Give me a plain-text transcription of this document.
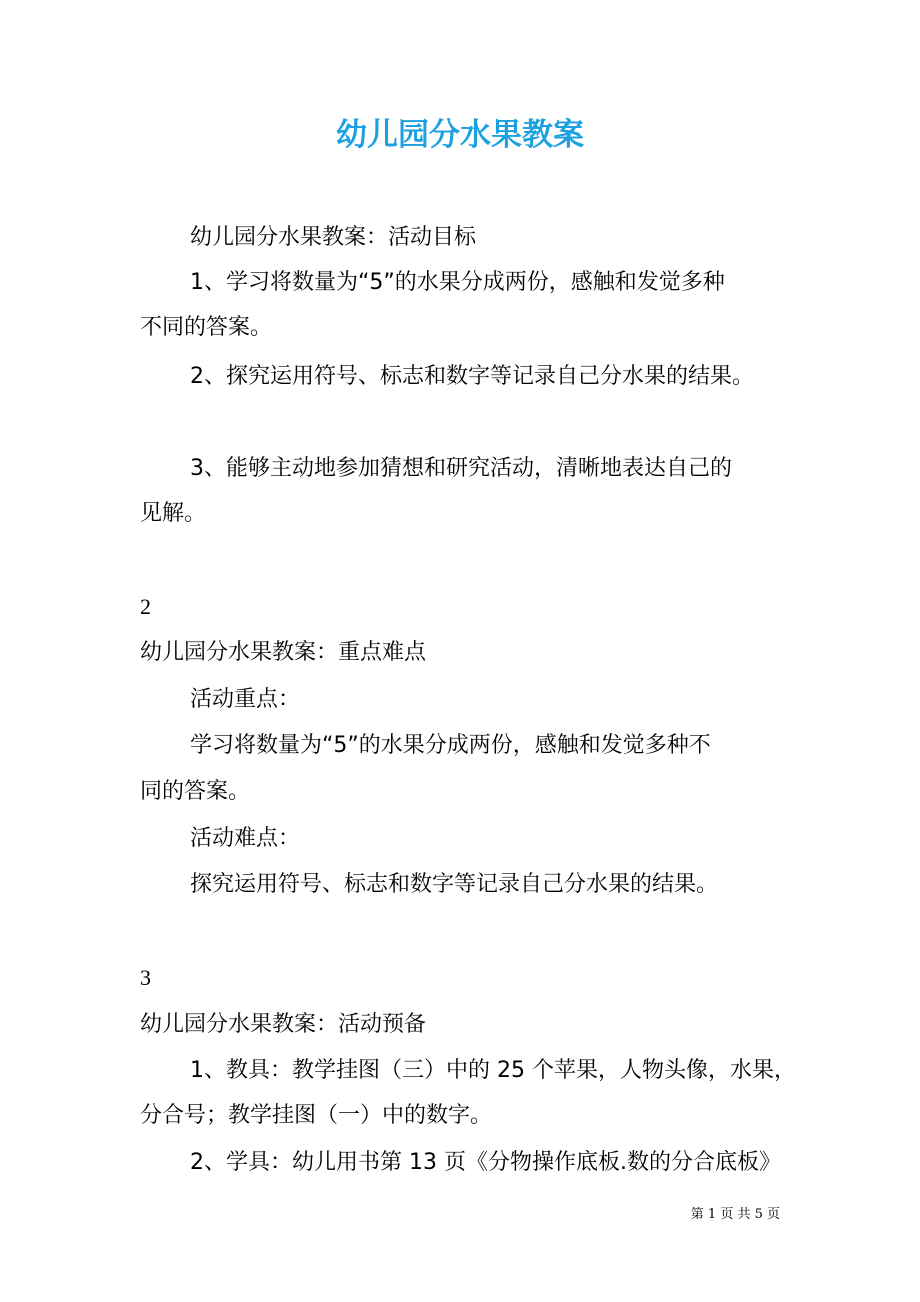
幼儿园分水果教案
幼儿园分水果教案：活动目标
1、学习将数量为“5”的水果分成两份，感触和发觉多种
不同的答案。
2、探究运用符号、标志和数字等记录自己分水果的结果。
3、能够主动地参加猜想和研究活动，清晰地表达自己的
见解。
2
幼儿园分水果教案：重点难点
活动重点：
学习将数量为“5”的水果分成两份，感触和发觉多种不
同的答案。
活动难点：
探究运用符号、标志和数字等记录自己分水果的结果。
3
幼儿园分水果教案：活动预备
1、教具：教学挂图（三）中的 25 个苹果，人物头像，水果，
分合号；教学挂图（一）中的数字。
2、学具：幼儿用书第 13 页《分物操作底板.数的分合底板》
第 1 页 共 5 页
